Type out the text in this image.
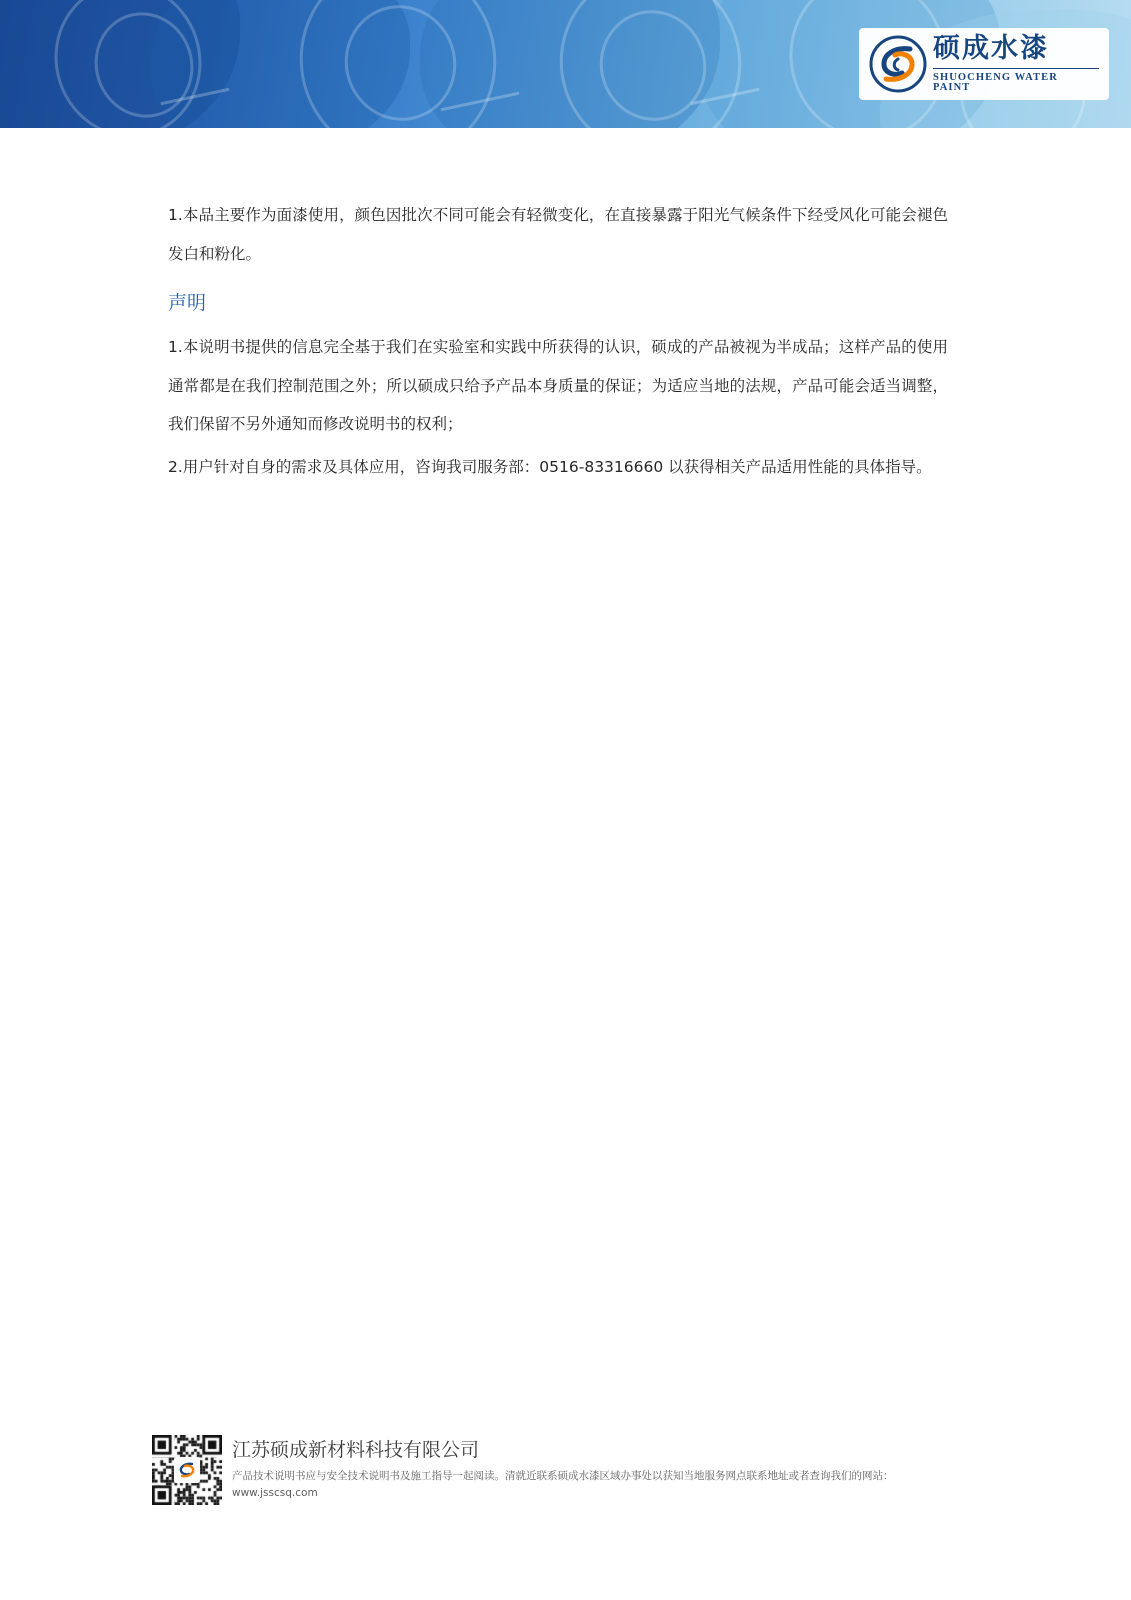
硕成水漆
SHUOCHENG WATER PAINT

1.本品主要作为面漆使用，颜色因批次不同可能会有轻微变化，在直接暴露于阳光气候条件下经受风化可能会褪色发白和粉化。

声明

1.本说明书提供的信息完全基于我们在实验室和实践中所获得的认识，硕成的产品被视为半成品；这样产品的使用通常都是在我们控制范围之外；所以硕成只给予产品本身质量的保证；为适应当地的法规，产品可能会适当调整，我们保留不另外通知而修改说明书的权利；

2.用户针对自身的需求及具体应用，咨询我司服务部：0516-83316660 以获得相关产品适用性能的具体指导。

江苏硕成新材料科技有限公司
产品技术说明书应与安全技术说明书及施工指导一起阅读。清就近联系硕成水漆区域办事处以获知当地服务网点联系地址或者查询我们的网站：www.jsscsq.com
